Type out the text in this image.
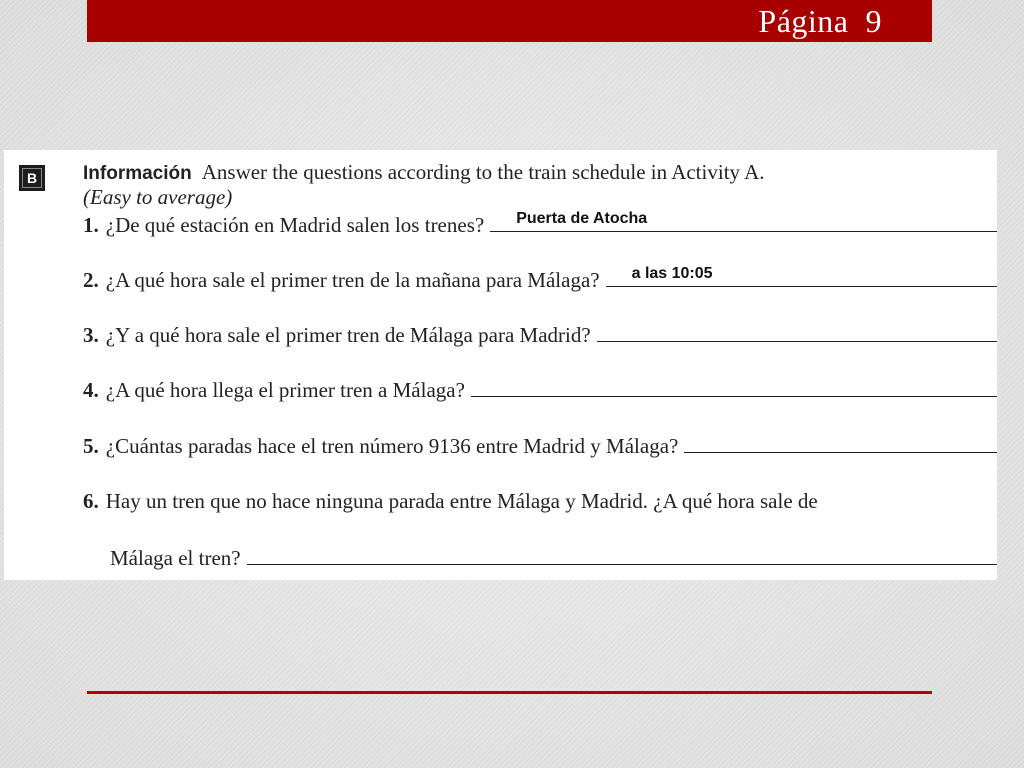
Página  9
B	Información Answer the questions according to the train schedule in Activity A.
(Easy to average)
1. ¿De qué estación en Madrid salen los trenes? Puerta de Atocha
2. ¿A qué hora sale el primer tren de la mañana para Málaga? a las 10:05
3. ¿Y a qué hora sale el primer tren de Málaga para Madrid?
4. ¿A qué hora llega el primer tren a Málaga?
5. ¿Cuántas paradas hace el tren número 9136 entre Madrid y Málaga?
6. Hay un tren que no hace ninguna parada entre Málaga y Madrid. ¿A qué hora sale de
Málaga el tren?
